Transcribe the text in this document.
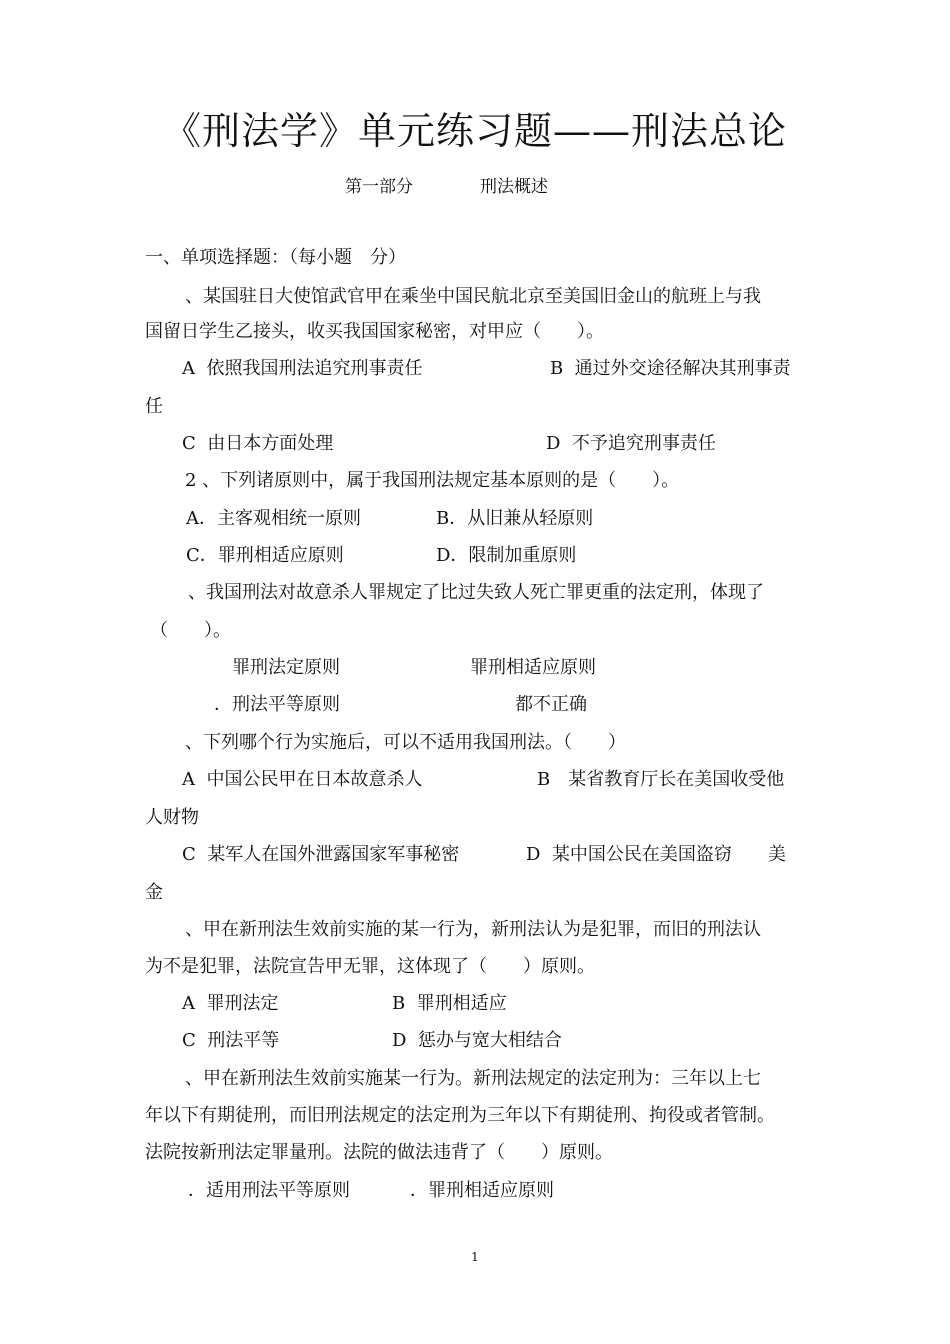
《刑法学》单元练习题——刑法总论
第一部分	刑法概述
一、单项选择题：（每小题　分）
、某国驻日大使馆武官甲在乘坐中国民航北京至美国旧金山的航班上与我
国留日学生乙接头，收买我国国家秘密，对甲应（　　）。
A  依照我国刑法追究刑事责任	B  通过外交途径解决其刑事责
任
C  由日本方面处理	D  不予追究刑事责任
2 、下列诸原则中，属于我国刑法规定基本原则的是（　　）。
A．主客观相统一原则	B．从旧兼从轻原则
C．罪刑相适应原则	D．限制加重原则
、我国刑法对故意杀人罪规定了比过失致人死亡罪更重的法定刑，体现了
（　　）。
罪刑法定原则	罪刑相适应原则
．刑法平等原则	都不正确
、下列哪个行为实施后，可以不适用我国刑法。（　　）
A  中国公民甲在日本故意杀人	B　某省教育厅长在美国收受他
人财物
C  某军人在国外泄露国家军事秘密	D  某中国公民在美国盗窃　　美
金
、甲在新刑法生效前实施的某一行为，新刑法认为是犯罪，而旧的刑法认
为不是犯罪，法院宣告甲无罪，这体现了（　　）原则。
A  罪刑法定	B  罪刑相适应
C  刑法平等	D  惩办与宽大相结合
、甲在新刑法生效前实施某一行为。新刑法规定的法定刑为：三年以上七
年以下有期徒刑，而旧刑法规定的法定刑为三年以下有期徒刑、拘役或者管制。
法院按新刑法定罪量刑。法院的做法违背了（　　）原则。
．适用刑法平等原则	．罪刑相适应原则
1
